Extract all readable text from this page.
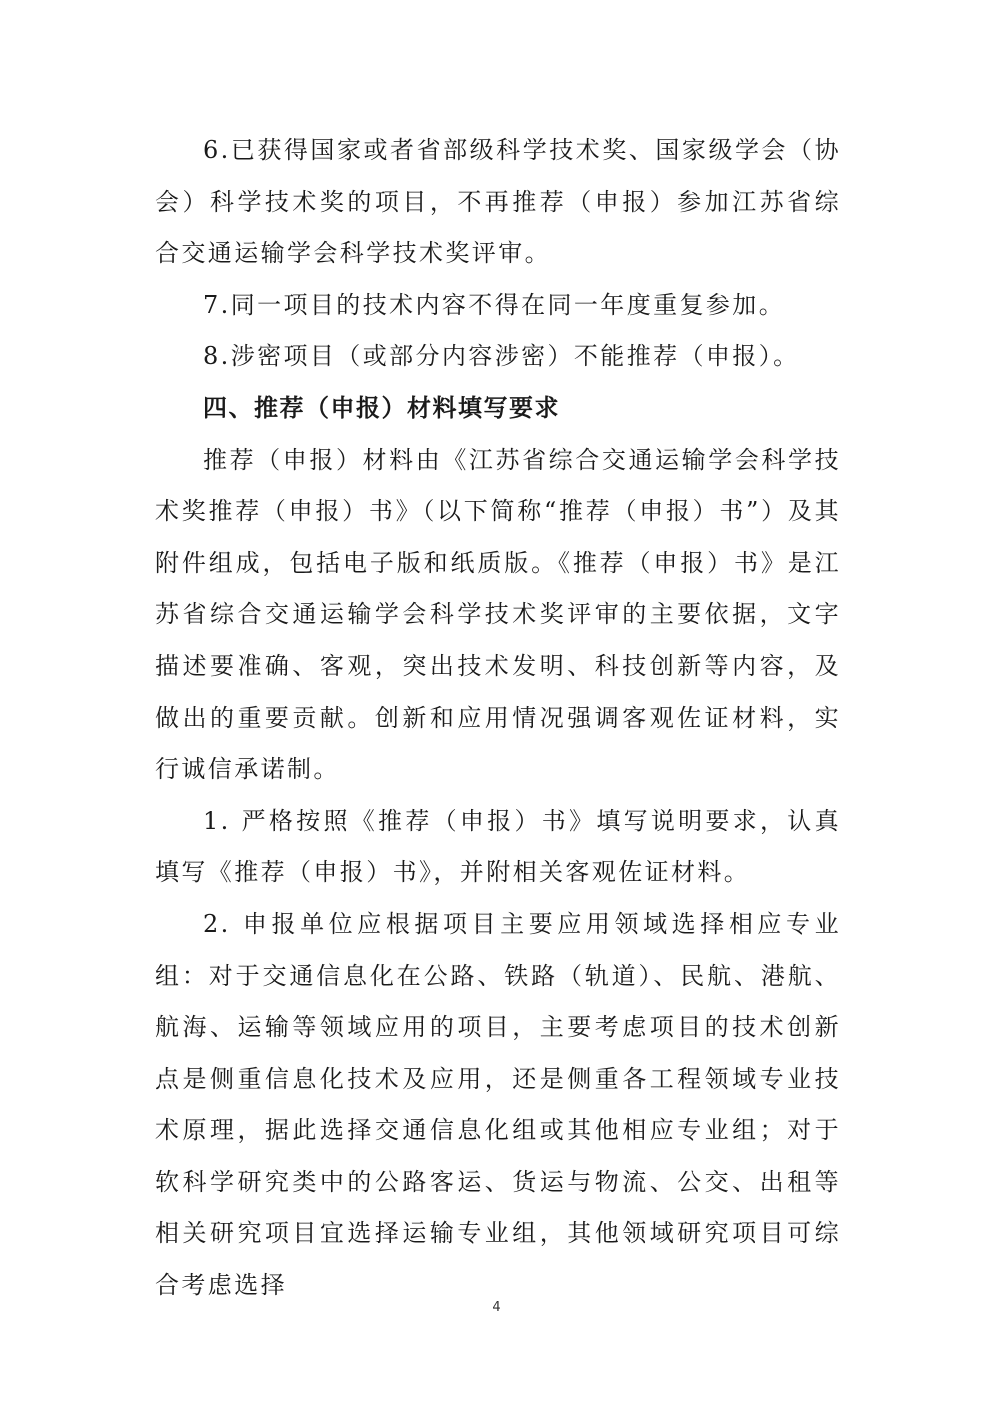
6.已获得国家或者省部级科学技术奖、国家级学会（协会）科学技术奖的项目，不再推荐（申报）参加江苏省综合交通运输学会科学技术奖评审。

7.同一项目的技术内容不得在同一年度重复参加。

8.涉密项目（或部分内容涉密）不能推荐（申报）。

四、推荐（申报）材料填写要求

推荐（申报）材料由《江苏省综合交通运输学会科学技术奖推荐（申报）书》（以下简称“推荐（申报）书”）及其附件组成，包括电子版和纸质版。《推荐（申报）书》是江苏省综合交通运输学会科学技术奖评审的主要依据，文字描述要准确、客观，突出技术发明、科技创新等内容，及做出的重要贡献。创新和应用情况强调客观佐证材料，实行诚信承诺制。

1. 严格按照《推荐（申报）书》填写说明要求，认真填写《推荐（申报）书》，并附相关客观佐证材料。

2. 申报单位应根据项目主要应用领域选择相应专业组：对于交通信息化在公路、铁路（轨道）、民航、港航、航海、运输等领域应用的项目，主要考虑项目的技术创新点是侧重信息化技术及应用，还是侧重各工程领域专业技术原理，据此选择交通信息化组或其他相应专业组；对于软科学研究类中的公路客运、货运与物流、公交、出租等相关研究项目宜选择运输专业组，其他领域研究项目可综合考虑选择

4
